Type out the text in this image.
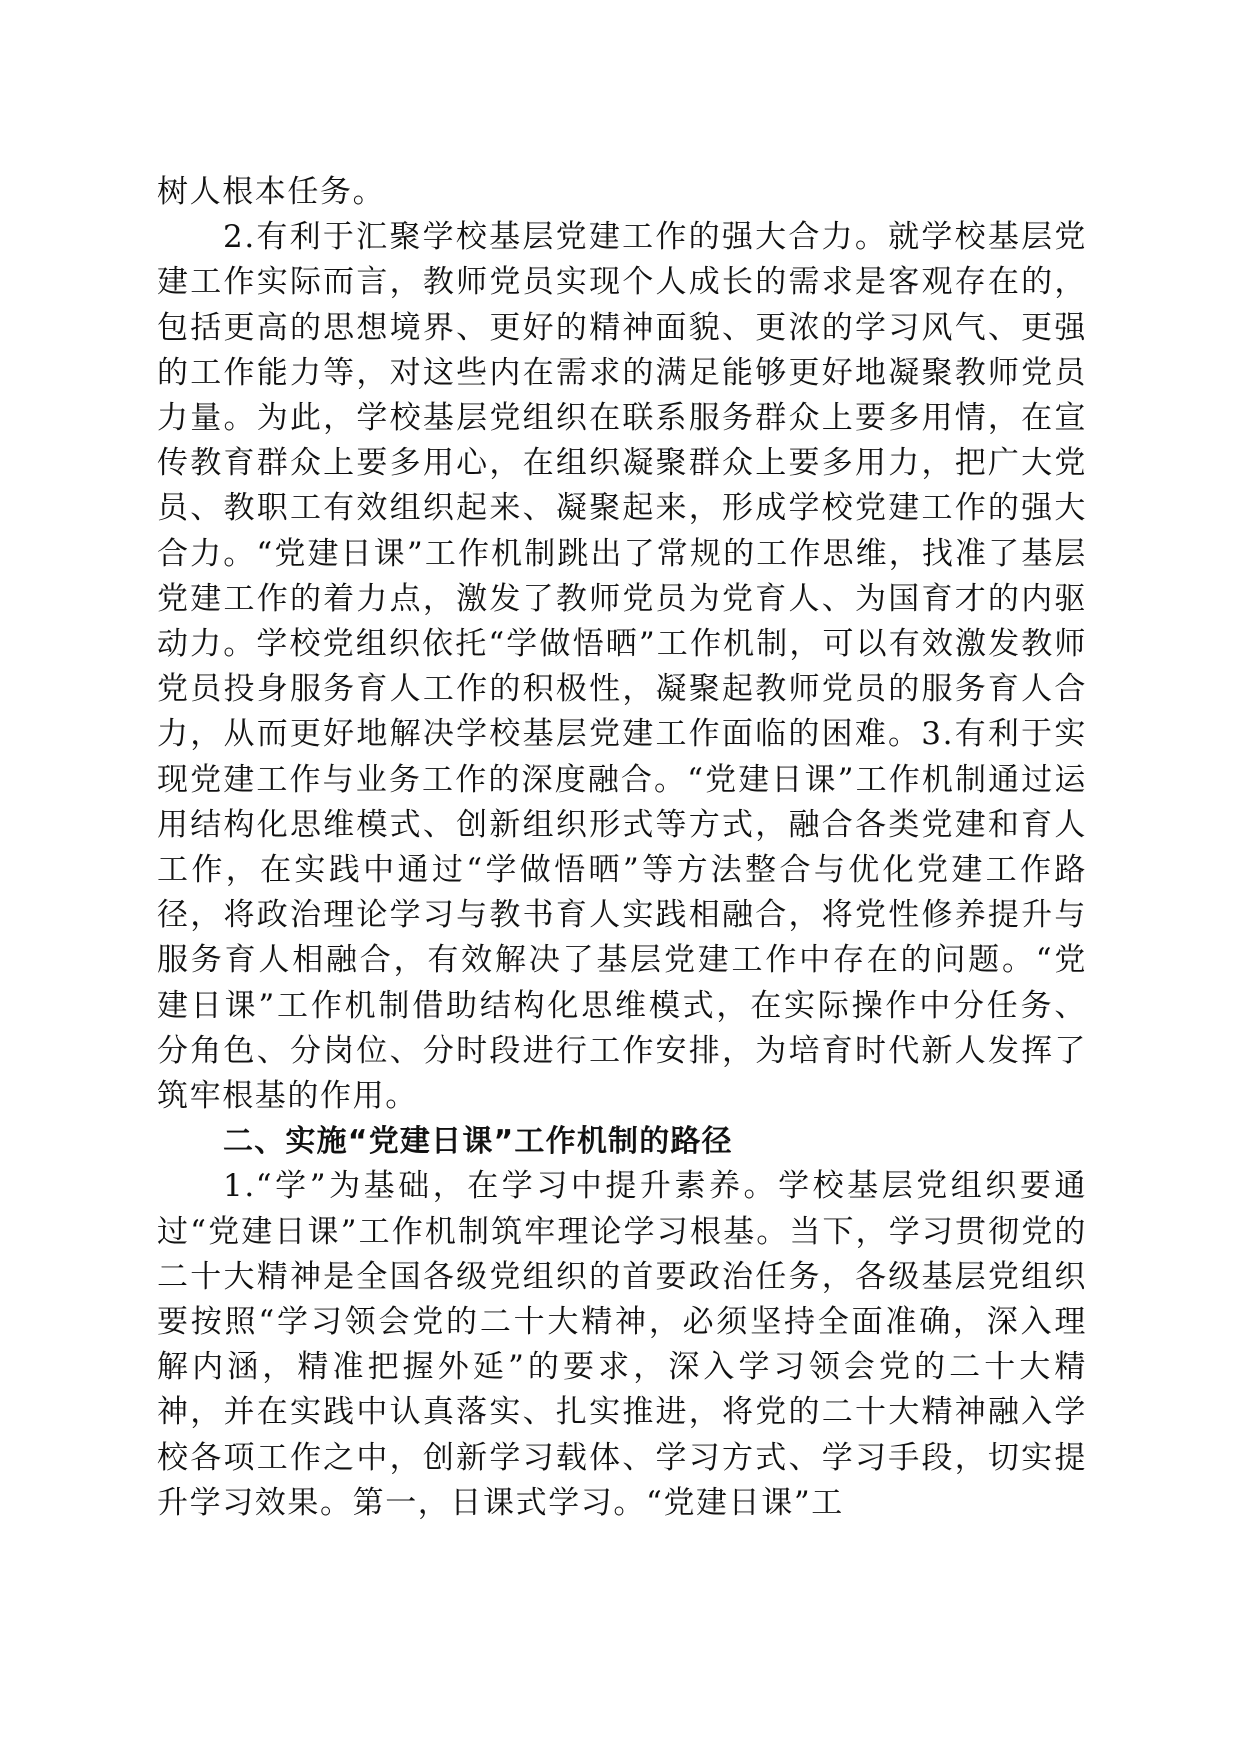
树人根本任务。

2.有利于汇聚学校基层党建工作的强大合力。就学校基层党建工作实际而言，教师党员实现个人成长的需求是客观存在的，包括更高的思想境界、更好的精神面貌、更浓的学习风气、更强的工作能力等，对这些内在需求的满足能够更好地凝聚教师党员力量。为此，学校基层党组织在联系服务群众上要多用情，在宣传教育群众上要多用心，在组织凝聚群众上要多用力，把广大党员、教职工有效组织起来、凝聚起来，形成学校党建工作的强大合力。“党建日课”工作机制跳出了常规的工作思维，找准了基层党建工作的着力点，激发了教师党员为党育人、为国育才的内驱动力。学校党组织依托“学做悟晒”工作机制，可以有效激发教师党员投身服务育人工作的积极性，凝聚起教师党员的服务育人合力，从而更好地解决学校基层党建工作面临的困难。3.有利于实现党建工作与业务工作的深度融合。“党建日课”工作机制通过运用结构化思维模式、创新组织形式等方式，融合各类党建和育人工作，在实践中通过“学做悟晒”等方法整合与优化党建工作路径，将政治理论学习与教书育人实践相融合，将党性修养提升与服务育人相融合，有效解决了基层党建工作中存在的问题。“党建日课”工作机制借助结构化思维模式，在实际操作中分任务、分角色、分岗位、分时段进行工作安排，为培育时代新人发挥了筑牢根基的作用。

二、实施“党建日课”工作机制的路径

1.“学”为基础，在学习中提升素养。学校基层党组织要通过“党建日课”工作机制筑牢理论学习根基。当下，学习贯彻党的二十大精神是全国各级党组织的首要政治任务，各级基层党组织要按照“学习领会党的二十大精神，必须坚持全面准确，深入理解内涵，精准把握外延”的要求，深入学习领会党的二十大精神，并在实践中认真落实、扎实推进，将党的二十大精神融入学校各项工作之中，创新学习载体、学习方式、学习手段，切实提升学习效果。第一，日课式学习。“党建日课”工
